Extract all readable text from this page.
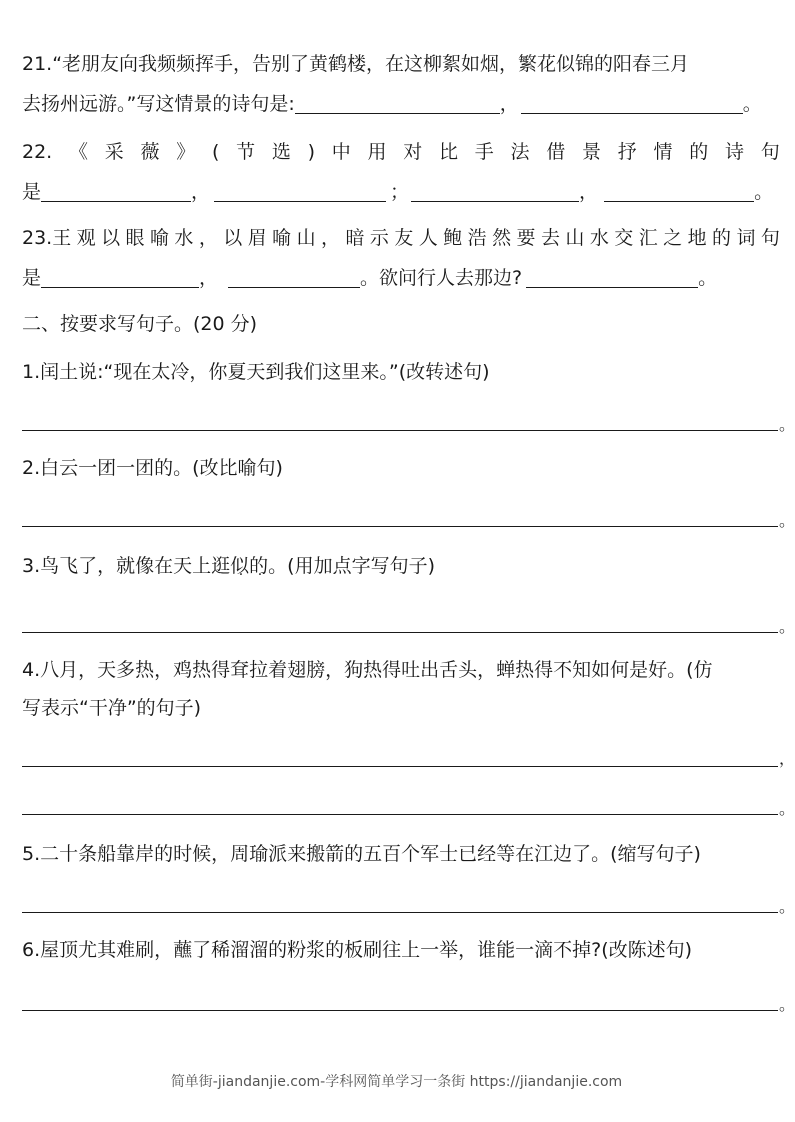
21.“老朋友向我频频挥手，告别了黄鹤楼，在这柳絮如烟，繁花似锦的阳春三月
去扬州远游。”写这情景的诗句是:	，	。
22. 《 采 薇 》 ( 节 选 ) 中 用 对 比 手 法 借 景 抒 情 的 诗 句
是	，	；	，	。
23.王 观 以 眼 喻 水 ， 以 眉 喻 山 ， 暗 示 友 人 鲍 浩 然 要 去 山 水 交 汇 之 地 的 词 句
是	，	。欲问行人去那边?	。
二、按要求写句子。(20 分)
1.闰土说:“现在太冷，你夏天到我们这里来。”(改转述句)
。
2.白云一团一团的。(改比喻句)
。
3.鸟飞了，就像在天上逛似 .的 .。(用加点字写句子)
。
4.八月，天多热，鸡热得耷拉着翅膀，狗热得吐出舌头，蝉热得不知如何是好。(仿
写表示“干净”的句子)
，
。
5.二十条船靠岸的时候，周瑜派来搬箭的五百个军士已经等在江边了。(缩写句子)
。
6.屋顶尤其难刷，蘸了稀溜溜的粉浆的板刷往上一举，谁能一滴不掉?(改陈述句)
。
简单街-jiandanjie.com-学科网简单学习一条街 https://jiandanjie.com
